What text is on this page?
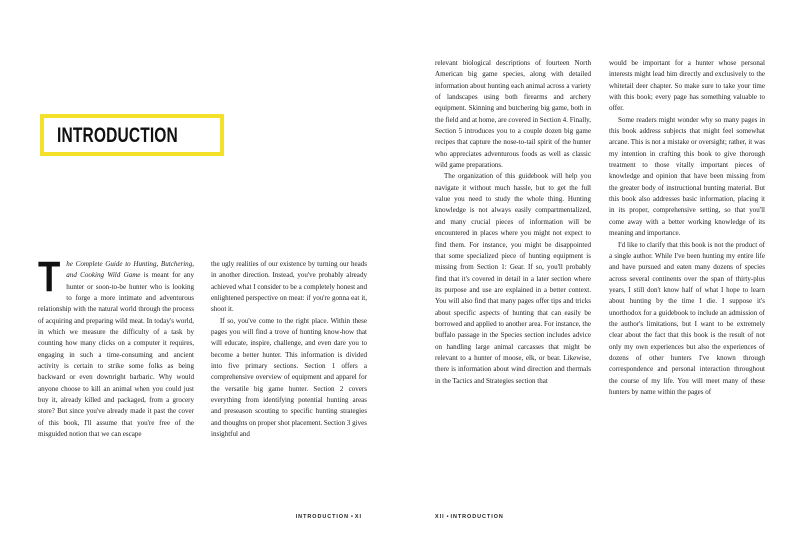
INTRODUCTION

The Complete Guide to Hunting, Butchering, and Cooking Wild Game is meant for any hunter or soon-to-be hunter who is looking to forge a more intimate and adventurous relationship with the natural world through the process of acquiring and preparing wild meat. In today's world, in which we measure the difficulty of a task by counting how many clicks on a computer it requires, engaging in such a time-consuming and ancient activity is certain to strike some folks as being backward or even downright barbaric. Why would anyone choose to kill an animal when you could just buy it, already killed and packaged, from a grocery store? But since you've already made it past the cover of this book, I'll assume that you're free of the misguided notion that we can escape

the ugly realities of our existence by turning our heads in another direction. Instead, you've probably already achieved what I consider to be a completely honest and enlightened perspective on meat: if you're gonna eat it, shoot it.

If so, you've come to the right place. Within these pages you will find a trove of hunting know-how that will educate, inspire, challenge, and even dare you to become a better hunter. This information is divided into five primary sections. Section 1 offers a comprehensive overview of equipment and apparel for the versatile big game hunter. Section 2 covers everything from identifying potential hunting areas and preseason scouting to specific hunting strategies and thoughts on proper shot placement. Section 3 gives insightful and

INTRODUCTION • XI

relevant biological descriptions of fourteen North American big game species, along with detailed information about hunting each animal across a variety of landscapes using both firearms and archery equipment. Skinning and butchering big game, both in the field and at home, are covered in Section 4. Finally, Section 5 introduces you to a couple dozen big game recipes that capture the nose-to-tail spirit of the hunter who appreciates adventurous foods as well as classic wild game preparations.

The organization of this guidebook will help you navigate it without much hassle, but to get the full value you need to study the whole thing. Hunting knowledge is not always easily compartmentalized, and many crucial pieces of information will be encountered in places where you might not expect to find them. For instance, you might be disappointed that some specialized piece of hunting equipment is missing from Section 1: Gear. If so, you'll probably find that it's covered in detail in a later section where its purpose and use are explained in a better context. You will also find that many pages offer tips and tricks about specific aspects of hunting that can easily be borrowed and applied to another area. For instance, the buffalo passage in the Species section includes advice on handling large animal carcasses that might be relevant to a hunter of moose, elk, or bear. Likewise, there is information about wind direction and thermals in the Tactics and Strategies section that

would be important for a hunter whose personal interests might lead him directly and exclusively to the whitetail deer chapter. So make sure to take your time with this book; every page has something valuable to offer.

Some readers might wonder why so many pages in this book address subjects that might feel somewhat arcane. This is not a mistake or oversight; rather, it was my intention in crafting this book to give thorough treatment to those vitally important pieces of knowledge and opinion that have been missing from the greater body of instructional hunting material. But this book also addresses basic information, placing it in its proper, comprehensive setting, so that you'll come away with a better working knowledge of its meaning and importance.

I'd like to clarify that this book is not the product of a single author. While I've been hunting my entire life and have pursued and eaten many dozens of species across several continents over the span of thirty-plus years, I still don't know half of what I hope to learn about hunting by the time I die. I suppose it's unorthodox for a guidebook to include an admission of the author's limitations, but I want to be extremely clear about the fact that this book is the result of not only my own experiences but also the experiences of dozens of other hunters I've known through correspondence and personal interaction throughout the course of my life. You will meet many of these hunters by name within the pages of

XII • INTRODUCTION
